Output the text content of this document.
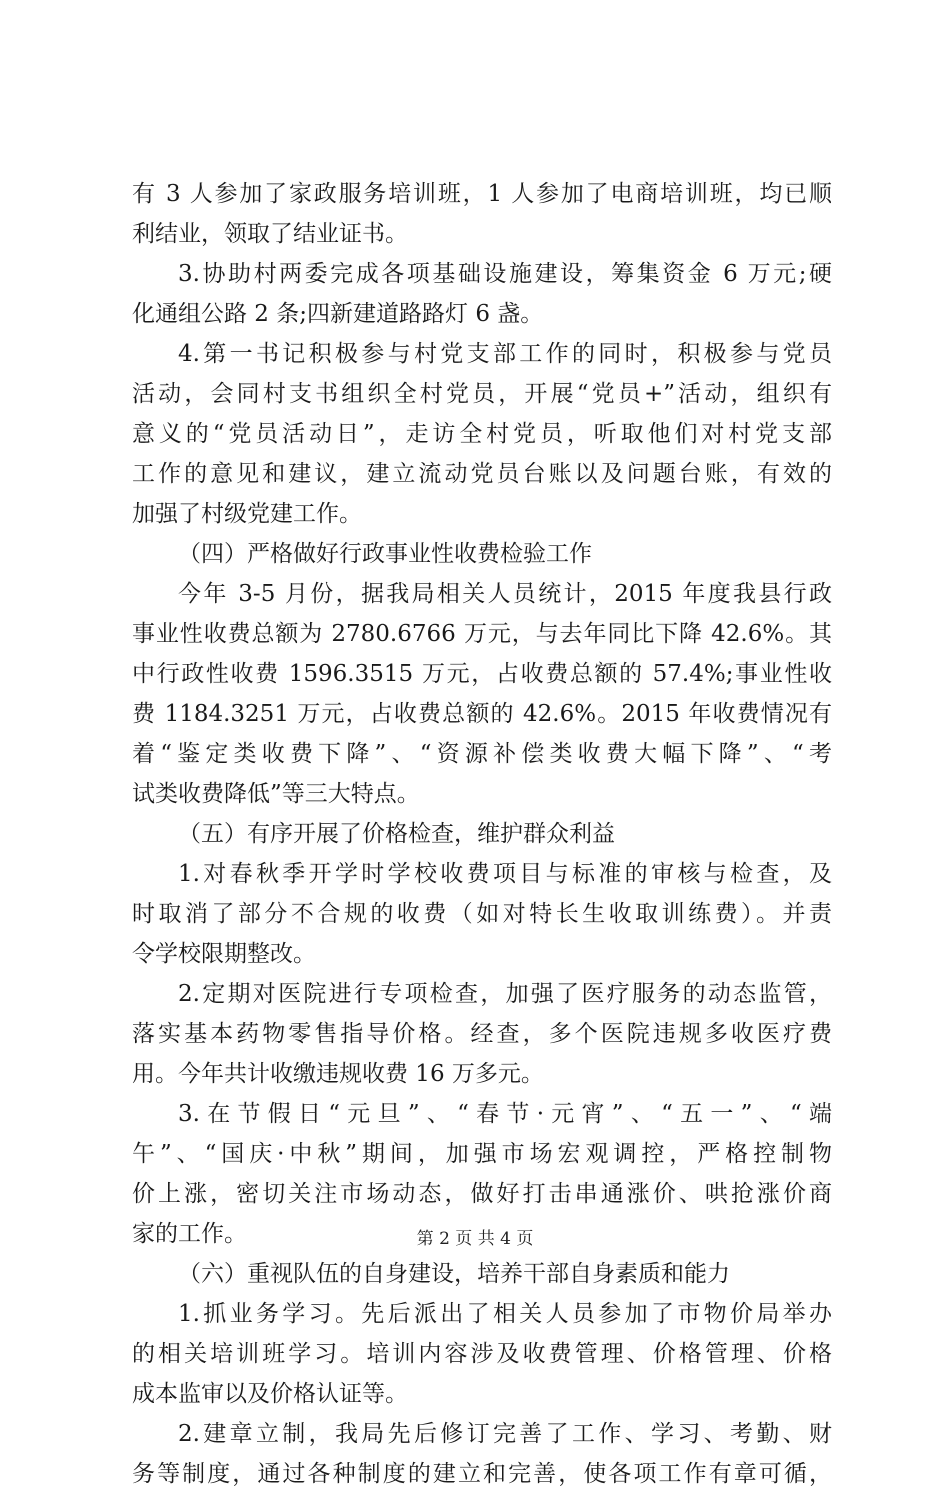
有 3 人参加了家政服务培训班，1 人参加了电商培训班，均已顺
利结业，领取了结业证书。
3.协助村两委完成各项基础设施建设，筹集资金 6 万元;硬
化通组公路 2 条;四新建道路路灯 6 盏。
4.第一书记积极参与村党支部工作的同时，积极参与党员
活动，会同村支书组织全村党员，开展“党员+”活动，组织有
意义的“党员活动日”，走访全村党员，听取他们对村党支部
工作的意见和建议，建立流动党员台账以及问题台账，有效的
加强了村级党建工作。
（四）严格做好行政事业性收费检验工作
今年 3-5 月份，据我局相关人员统计，2015 年度我县行政
事业性收费总额为 2780.6766 万元，与去年同比下降 42.6%。其
中行政性收费 1596.3515 万元，占收费总额的 57.4%;事业性收
费 1184.3251 万元，占收费总额的 42.6%。2015 年收费情况有
着“鉴定类收费下降”、“资源补偿类收费大幅下降”、“考
试类收费降低”等三大特点。
（五）有序开展了价格检查，维护群众利益
1.对春秋季开学时学校收费项目与标准的审核与检查，及
时取消了部分不合规的收费（如对特长生收取训练费）。并责
令学校限期整改。
2.定期对医院进行专项检查，加强了医疗服务的动态监管，
落实基本药物零售指导价格。经查，多个医院违规多收医疗费
用。今年共计收缴违规收费 16 万多元。
3.在节假日“元旦”、“春节·元宵”、“五一”、“端
午”、“国庆·中秋”期间，加强市场宏观调控，严格控制物
价上涨，密切关注市场动态，做好打击串通涨价、哄抢涨价商
家的工作。
（六）重视队伍的自身建设，培养干部自身素质和能力
1.抓业务学习。先后派出了相关人员参加了市物价局举办
的相关培训班学习。培训内容涉及收费管理、价格管理、价格
成本监审以及价格认证等。
2.建章立制，我局先后修订完善了工作、学习、考勤、财
务等制度，通过各种制度的建立和完善，使各项工作有章可循，
第 2 页 共 4 页
